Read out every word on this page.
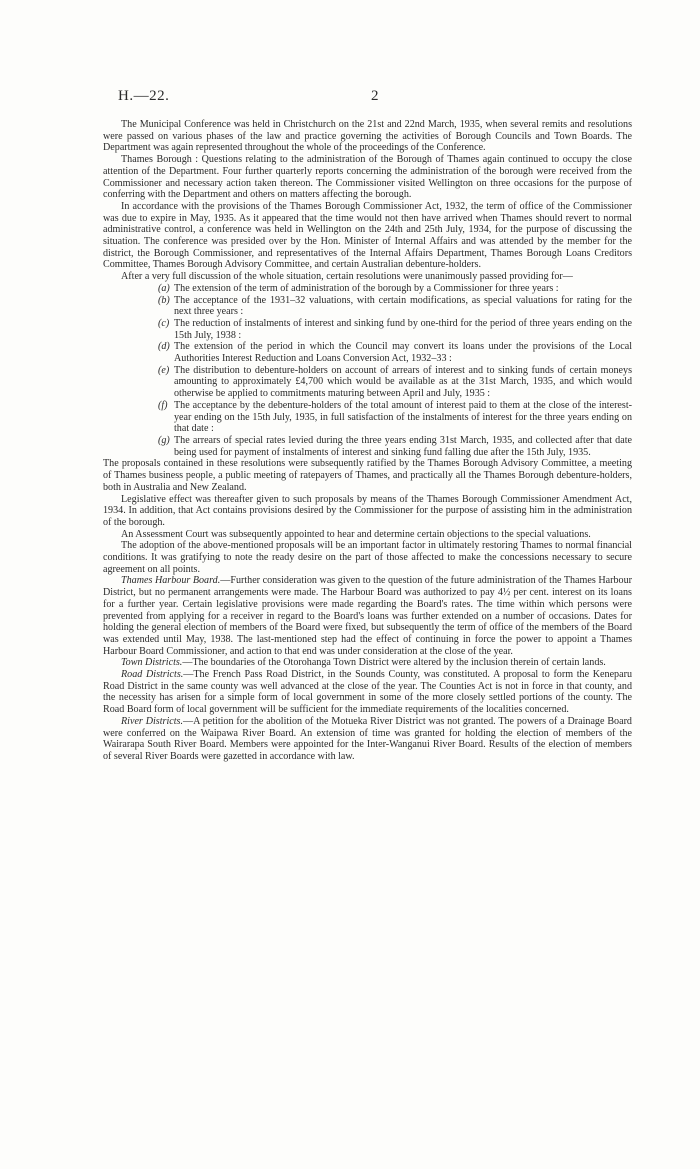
H.—22.	2

The Municipal Conference was held in Christchurch on the 21st and 22nd March, 1935, when several remits and resolutions were passed on various phases of the law and practice governing the activities of Borough Councils and Town Boards. The Department was again represented throughout the whole of the proceedings of the Conference.

Thames Borough : Questions relating to the administration of the Borough of Thames again continued to occupy the close attention of the Department. Four further quarterly reports concerning the administration of the borough were received from the Commissioner and necessary action taken thereon. The Commissioner visited Wellington on three occasions for the purpose of conferring with the Department and others on matters affecting the borough.

In accordance with the provisions of the Thames Borough Commissioner Act, 1932, the term of office of the Commissioner was due to expire in May, 1935. As it appeared that the time would not then have arrived when Thames should revert to normal administrative control, a conference was held in Wellington on the 24th and 25th July, 1934, for the purpose of discussing the situation. The conference was presided over by the Hon. Minister of Internal Affairs and was attended by the member for the district, the Borough Commissioner, and representatives of the Internal Affairs Department, Thames Borough Loans Creditors Committee, Thames Borough Advisory Committee, and certain Australian debenture-holders.

After a very full discussion of the whole situation, certain resolutions were unanimously passed providing for—

(a) The extension of the term of administration of the borough by a Commissioner for three years :
(b) The acceptance of the 1931–32 valuations, with certain modifications, as special valuations for rating for the next three years :
(c) The reduction of instalments of interest and sinking fund by one-third for the period of three years ending on the 15th July, 1938 :
(d) The extension of the period in which the Council may convert its loans under the provisions of the Local Authorities Interest Reduction and Loans Conversion Act, 1932–33 :
(e) The distribution to debenture-holders on account of arrears of interest and to sinking funds of certain moneys amounting to approximately £4,700 which would be available as at the 31st March, 1935, and which would otherwise be applied to commitments maturing between April and July, 1935 :
(f) The acceptance by the debenture-holders of the total amount of interest paid to them at the close of the interest-year ending on the 15th July, 1935, in full satisfaction of the instalments of interest for the three years ending on that date :
(g) The arrears of special rates levied during the three years ending 31st March, 1935, and collected after that date being used for payment of instalments of interest and sinking fund falling due after the 15th July, 1935.

The proposals contained in these resolutions were subsequently ratified by the Thames Borough Advisory Committee, a meeting of Thames business people, a public meeting of ratepayers of Thames, and practically all the Thames Borough debenture-holders, both in Australia and New Zealand.

Legislative effect was thereafter given to such proposals by means of the Thames Borough Commissioner Amendment Act, 1934. In addition, that Act contains provisions desired by the Commissioner for the purpose of assisting him in the administration of the borough.

An Assessment Court was subsequently appointed to hear and determine certain objections to the special valuations.

The adoption of the above-mentioned proposals will be an important factor in ultimately restoring Thames to normal financial conditions. It was gratifying to note the ready desire on the part of those affected to make the concessions necessary to secure agreement on all points.

Thames Harbour Board.—Further consideration was given to the question of the future administration of the Thames Harbour District, but no permanent arrangements were made. The Harbour Board was authorized to pay 4½ per cent. interest on its loans for a further year. Certain legislative provisions were made regarding the Board's rates. The time within which persons were prevented from applying for a receiver in regard to the Board's loans was further extended on a number of occasions. Dates for holding the general election of members of the Board were fixed, but subsequently the term of office of the members of the Board was extended until May, 1938. The last-mentioned step had the effect of continuing in force the power to appoint a Thames Harbour Board Commissioner, and action to that end was under consideration at the close of the year.

Town Districts.—The boundaries of the Otorohanga Town District were altered by the inclusion therein of certain lands.

Road Districts.—The French Pass Road District, in the Sounds County, was constituted. A proposal to form the Keneparu Road District in the same county was well advanced at the close of the year. The Counties Act is not in force in that county, and the necessity has arisen for a simple form of local government in some of the more closely settled portions of the county. The Road Board form of local government will be sufficient for the immediate requirements of the localities concerned.

River Districts.—A petition for the abolition of the Motueka River District was not granted. The powers of a Drainage Board were conferred on the Waipawa River Board. An extension of time was granted for holding the election of members of the Wairarapa South River Board. Members were appointed for the Inter-Wanganui River Board. Results of the election of members of several River Boards were gazetted in accordance with law.
